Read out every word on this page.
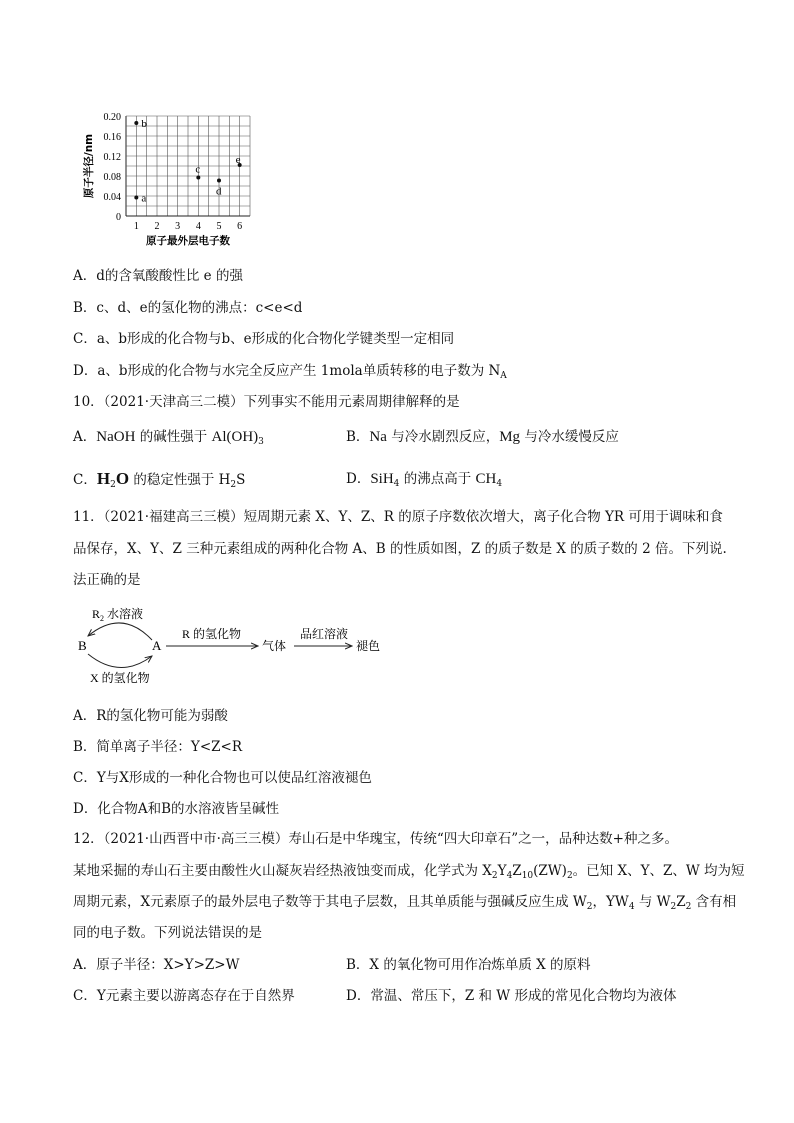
0.20
0.16
0.12
0.08
0.04
0
1 2 3 4 5 6
原子最外层电子数
原子半径/nm
a
b
c
d
e
A．d的含氧酸酸性比 e 的强
B．c、d、e的氢化物的沸点：c<e<d
C．a、b形成的化合物与b、e形成的化合物化学键类型一定相同
D．a、b形成的化合物与水完全反应产生 1mola单质转移的电子数为 $N_A$
10．（2021·天津高三二模）下列事实不能用元素周期律解释的是
A．NaOH 的碱性强于 $Al(OH)_3$	B．Na 与冷水剧烈反应，Mg 与冷水缓慢反应
C．$H_2O$ 的稳定性强于 $H_2S$	D．SiH$_4$ 的沸点高于 $CH_4$
11．（2021·福建高三三模）短周期元素 X、Y、Z、R 的原子序数依次增大，离子化合物 YR 可用于调味和食
品保存，X、Y、Z 三种元素组成的两种化合物 A、B 的性质如图，Z 的质子数是 X 的质子数的 2 倍。下列说.
法正确的是
$R_2$ 水溶液
B	A
X 的氢化物
R 的氢化物
气体
品红溶液
褪色
A．R的氢化物可能为弱酸
B．简单离子半径：Y<Z<R
C．Y与X形成的一种化合物也可以使品红溶液褪色
D．化合物A和B的水溶液皆呈碱性
12．（2021·山西晋中市·高三三模）寿山石是中华瑰宝，传统“四大印章石”之一，品种达数+种之多。
某地采掘的寿山石主要由酸性火山凝灰岩经热液蚀变而成，化学式为 $X_2Y_4Z_{10}(ZW)_2$。已知 X、Y、Z、W 均为短
周期元素，X元素原子的最外层电子数等于其电子层数，且其单质能与强碱反应生成 $W_2$，$YW_4$ 与 $W_2Z_2$ 含有相
同的电子数。下列说法错误的是
A．原子半径：X>Y>Z>W	B．X 的氧化物可用作冶炼单质 X 的原料
C．Y元素主要以游离态存在于自然界	D．常温、常压下，Z 和 W 形成的常见化合物均为液体
